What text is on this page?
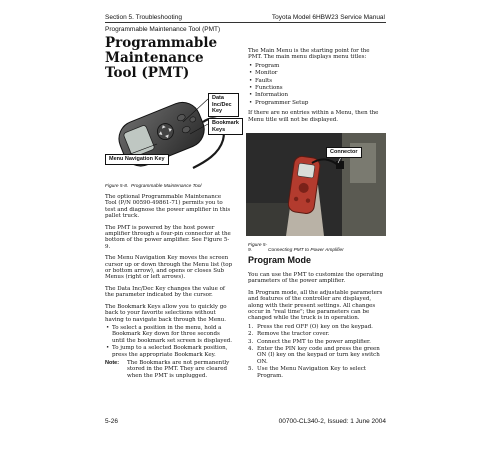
Section 5. Troubleshooting	Toyota Model 6HBW23 Service Manual
Programmable Maintenance Tool (PMT)
Programmable Maintenance Tool (PMT)
Data Inc/Dec Key
Bookmark Keys
Menu Navigation Key
Figure 5-8. Programmable Maintenance Tool

The optional Programmable Maintenance Tool (P/N 00590-49861-71) permits you to test and diagnose the power amplifier in this pallet truck.

The PMT is powered by the host power amplifier through a four-pin connector at the bottom of the power amplifier. See Figure 5-9.

The Menu Navigation Key moves the screen cursor up or down through the Menu list (top or bottom arrow), and opens or closes Sub Menus (right or left arrows).

The Data Inc/Dec Key changes the value of the parameter indicated by the cursor.

The Bookmark Keys allow you to quickly go back to your favorite selections without having to navigate back through the Menu.

• To select a position in the menu, hold a Bookmark Key down for three seconds until the bookmark set screen is displayed.
• To jump to a selected Bookmark position, press the appropriate Bookmark Key.
Note: The Bookmarks are not permanently stored in the PMT. They are cleared when the PMT is unplugged.

The Main Menu is the starting point for the PMT. The main menu displays menu titles:

• Program
• Monitor
• Faults
• Functions
• Information
• Programmer Setup

If there are no entries within a Menu, then the Menu title will not be displayed.

Connector
Figure 5-9.	Connecting PMT to Power Amplifier
Program Mode

You can use the PMT to customize the operating parameters of the power amplifier.

In Program mode, all the adjustable parameters and features of the controller are displayed, along with their present settings. All changes occur in "real time"; the parameters can be changed while the truck is in operation.

1. Press the red OFF (O) key on the keypad.
2. Remove the tractor cover.
3. Connect the PMT to the power amplifier.
4. Enter the PIN key code and press the green ON (I) key on the keypad or turn key switch ON.
5. Use the Menu Navigation Key to select Program.
5-26	00700-CL340-2, Issued: 1 June 2004
